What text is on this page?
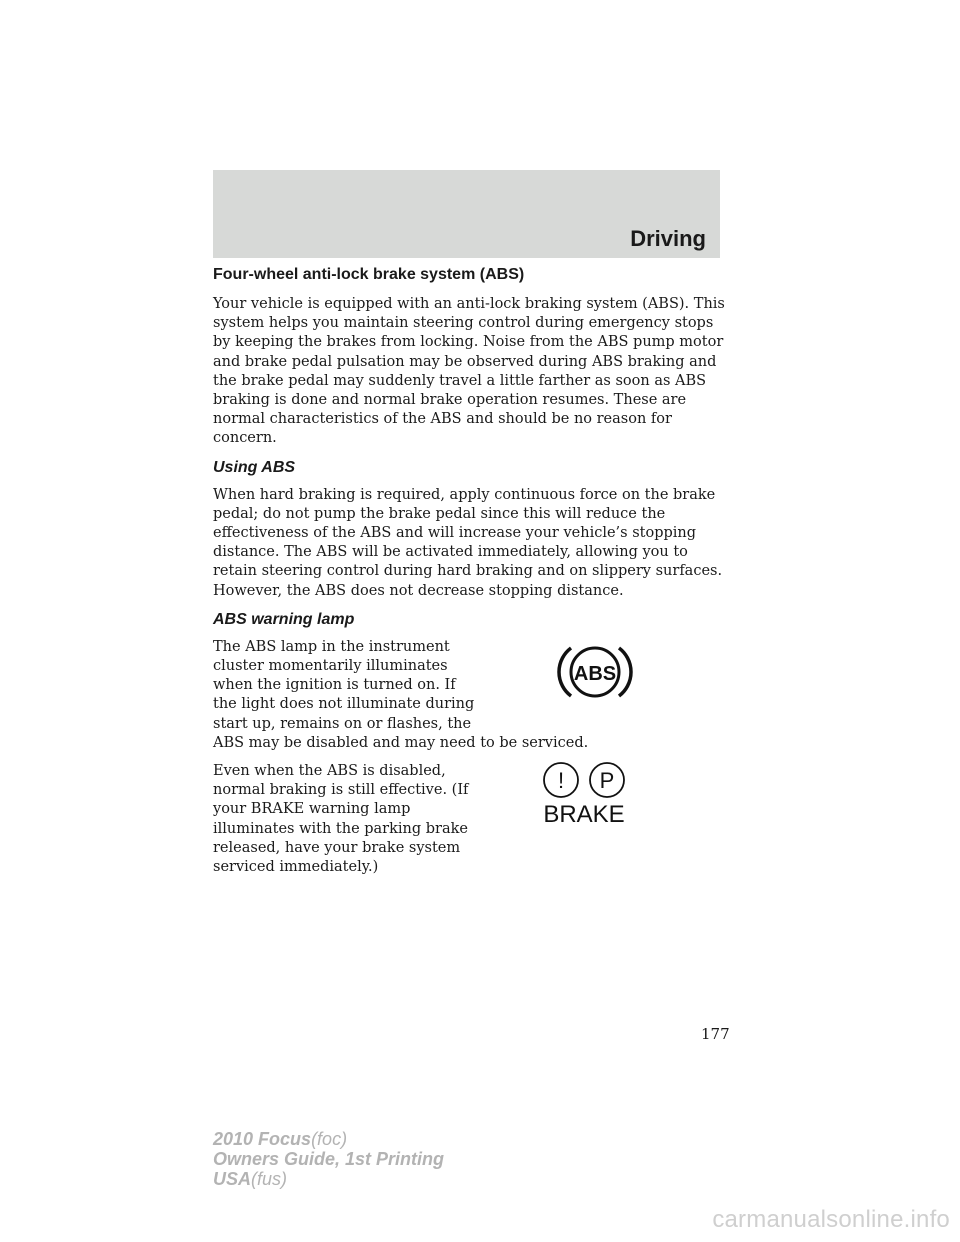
Driving
Four-wheel anti-lock brake system (ABS)

Your vehicle is equipped with an anti-lock braking system (ABS). This system helps you maintain steering control during emergency stops by keeping the brakes from locking. Noise from the ABS pump motor and brake pedal pulsation may be observed during ABS braking and the brake pedal may suddenly travel a little farther as soon as ABS braking is done and normal brake operation resumes. These are normal characteristics of the ABS and should be no reason for concern.

Using ABS

When hard braking is required, apply continuous force on the brake pedal; do not pump the brake pedal since this will reduce the effectiveness of the ABS and will increase your vehicle’s stopping distance. The ABS will be activated immediately, allowing you to retain steering control during hard braking and on slippery surfaces. However, the ABS does not decrease stopping distance.

ABS warning lamp

The ABS lamp in the instrument
cluster momentarily illuminates
when the ignition is turned on. If
the light does not illuminate during
start up, remains on or flashes, the
ABS may be disabled and may need to be serviced.

ABS

Even when the ABS is disabled, normal braking is still effective. (If your BRAKE warning lamp illuminates with the parking brake released, have your brake system serviced immediately.)

! P
BRAKE
177
2010 Focus(foc)
Owners Guide, 1st Printing
USA(fus)
carmanualsonline.info
